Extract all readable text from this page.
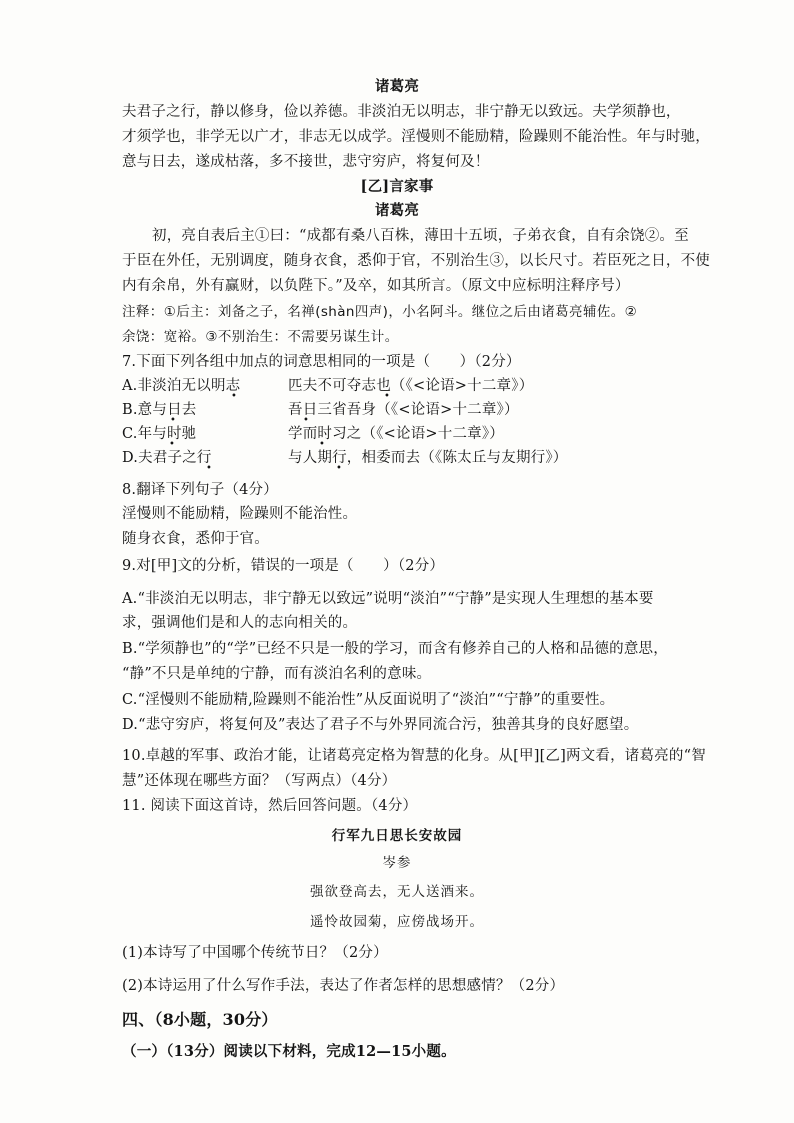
诸葛亮
夫君子之行，静以修身，俭以养德。非淡泊无以明志，非宁静无以致远。夫学须静也，
才须学也，非学无以广才，非志无以成学。淫慢则不能励精，险躁则不能治性。年与时驰，
意与日去，遂成枯落，多不接世，悲守穷庐，将复何及！
[乙]言家事
诸葛亮
初，亮自表后主①曰：“成都有桑八百株，薄田十五顷，子弟衣食，自有余饶②。至
于臣在外任，无别调度，随身衣食，悉仰于官，不别治生③，以长尺寸。若臣死之日，不使
内有余帛，外有赢财，以负陛下。”及卒，如其所言。（原文中应标明注释序号）
注释：①后主：刘备之子，名禅(shàn四声)，小名阿斗。继位之后由诸葛亮辅佐。②
余饶：宽裕。③不别治生：不需要另谋生计。
7.下面下列各组中加点的词意思相同的一项是（　　）（2分）
A.非淡泊无以明志	匹夫不可夺志也（《<论语>十二章》）
•	•
B.意与日去	吾日三省吾身（《<论语>十二章》）
•	•
C.年与时驰	学而时习之（《<论语>十二章》）
•	•
D.夫君子之行	与人期行，相委而去（《陈太丘与友期行》）
•	•
8.翻译下列句子（4分）
淫慢则不能励精，险躁则不能治性。
随身衣食，悉仰于官。
9.对[甲]文的分析，错误的一项是（　　）（2分）
A.“非淡泊无以明志，非宁静无以致远”说明“淡泊”“宁静”是实现人生理想的基本要
求，强调他们是和人的志向相关的。
B.“学须静也”的“学”已经不只是一般的学习，而含有修养自己的人格和品德的意思，
“静”不只是单纯的宁静，而有淡泊名利的意味。
C.“淫慢则不能励精,险躁则不能治性”从反面说明了“淡泊”“宁静”的重要性。
D.“悲守穷庐，将复何及”表达了君子不与外界同流合污，独善其身的良好愿望。
10.卓越的军事、政治才能，让诸葛亮定格为智慧的化身。从[甲][乙]两文看，诸葛亮的“智
慧”还体现在哪些方面？（写两点）（4分）
11. 阅读下面这首诗，然后回答问题。（4分）
行军九日思长安故园
岑参
强欲登高去，无人送酒来。
遥怜故园菊，应傍战场开。
(1)本诗写了中国哪个传统节日？（2分）
(2)本诗运用了什么写作手法，表达了作者怎样的思想感情？（2分）
四、（8小题，30分）
（一）（13分）阅读以下材料，完成12—15小题。
